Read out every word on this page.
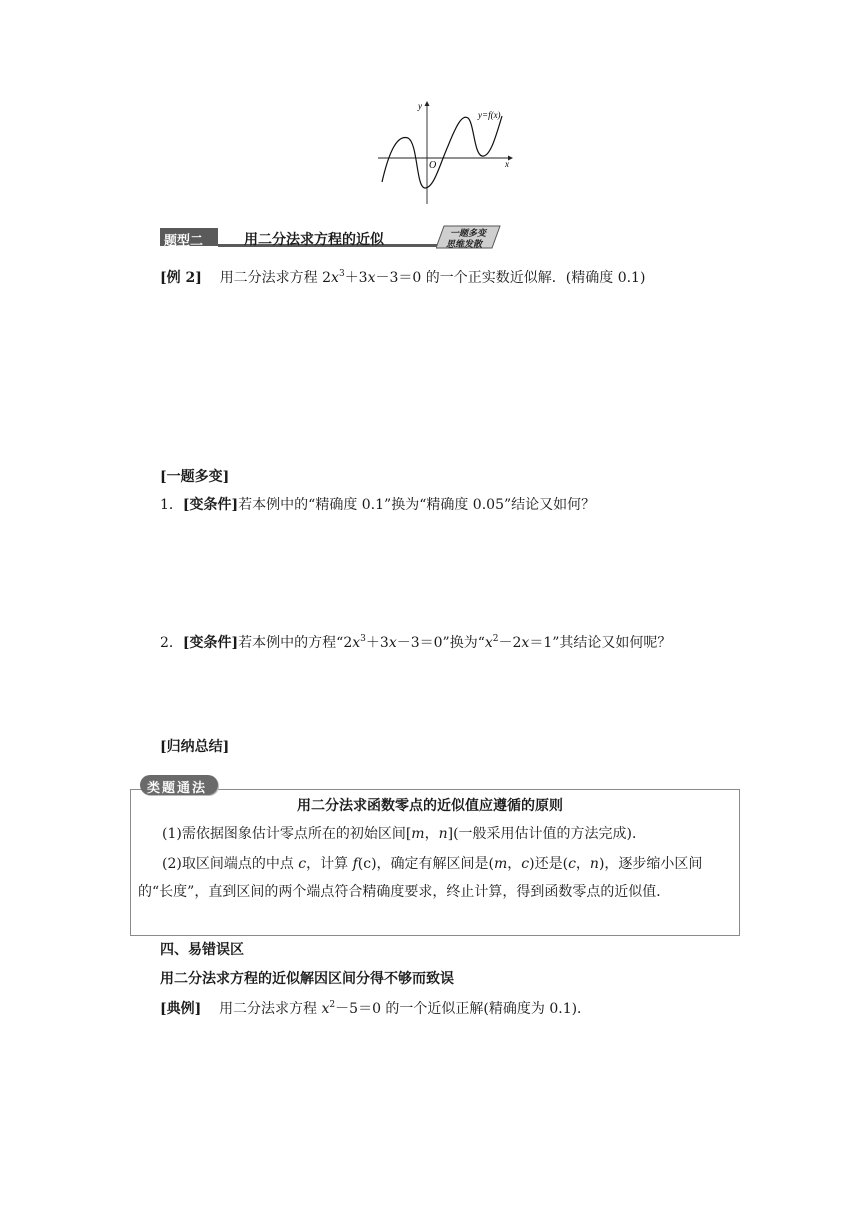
y
x
O
y=f(x)
题型二	用二分法求方程的近似	一题多变
思维发散
[例 2] 用二分法求方程 $2x^3+3x-3=0$ 的一个正实数近似解．(精确度 0.1)
[一题多变]
1．[变条件]若本例中的“精确度 0.1”换为“精确度 0.05”结论又如何？
2．[变条件]若本例中的方程“$2x^3+3x-3=0$”换为“$x^2-2x=1$”其结论又如何呢？
[归纳总结]
类题通法
用二分法求函数零点的近似值应遵循的原则
(1)需依据图象估计零点所在的初始区间[m，n](一般采用估计值的方法完成)．
(2)取区间端点的中点 c，计算 f(c)，确定有解区间是(m，c)还是(c，n)，逐步缩小区间
的“长度”，直到区间的两个端点符合精确度要求，终止计算，得到函数零点的近似值．
四、易错误区
用二分法求方程的近似解因区间分得不够而致误
[典例] 用二分法求方程 $x^2-5=0$ 的一个近似正解(精确度为 0.1)．
